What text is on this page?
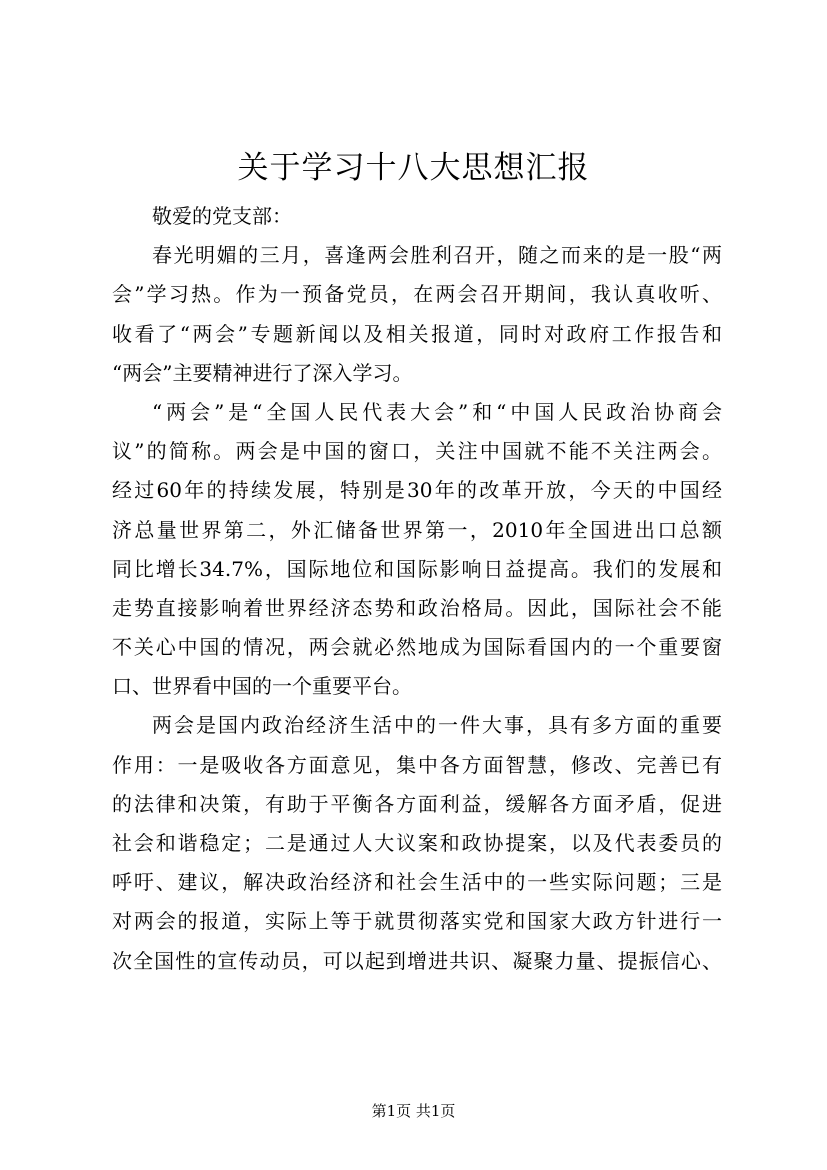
关于学习十八大思想汇报
敬爱的党支部：
春光明媚的三月，喜逢两会胜利召开，随之而来的是一股“两
会”学习热。作为一预备党员，在两会召开期间，我认真收听、
收看了“两会”专题新闻以及相关报道，同时对政府工作报告和
“两会”主要精神进行了深入学习。
“两会”是“全国人民代表大会”和“中国人民政治协商会
议”的简称。两会是中国的窗口，关注中国就不能不关注两会。
经过60年的持续发展，特别是30年的改革开放，今天的中国经
济总量世界第二，外汇储备世界第一，2010年全国进出口总额
同比增长34.7%，国际地位和国际影响日益提高。我们的发展和
走势直接影响着世界经济态势和政治格局。因此，国际社会不能
不关心中国的情况，两会就必然地成为国际看国内的一个重要窗
口、世界看中国的一个重要平台。
两会是国内政治经济生活中的一件大事，具有多方面的重要
作用：一是吸收各方面意见，集中各方面智慧，修改、完善已有
的法律和决策，有助于平衡各方面利益，缓解各方面矛盾，促进
社会和谐稳定；二是通过人大议案和政协提案，以及代表委员的
呼吁、建议，解决政治经济和社会生活中的一些实际问题；三是
对两会的报道，实际上等于就贯彻落实党和国家大政方针进行一
次全国性的宣传动员，可以起到增进共识、凝聚力量、提振信心、
第1页 共1页
